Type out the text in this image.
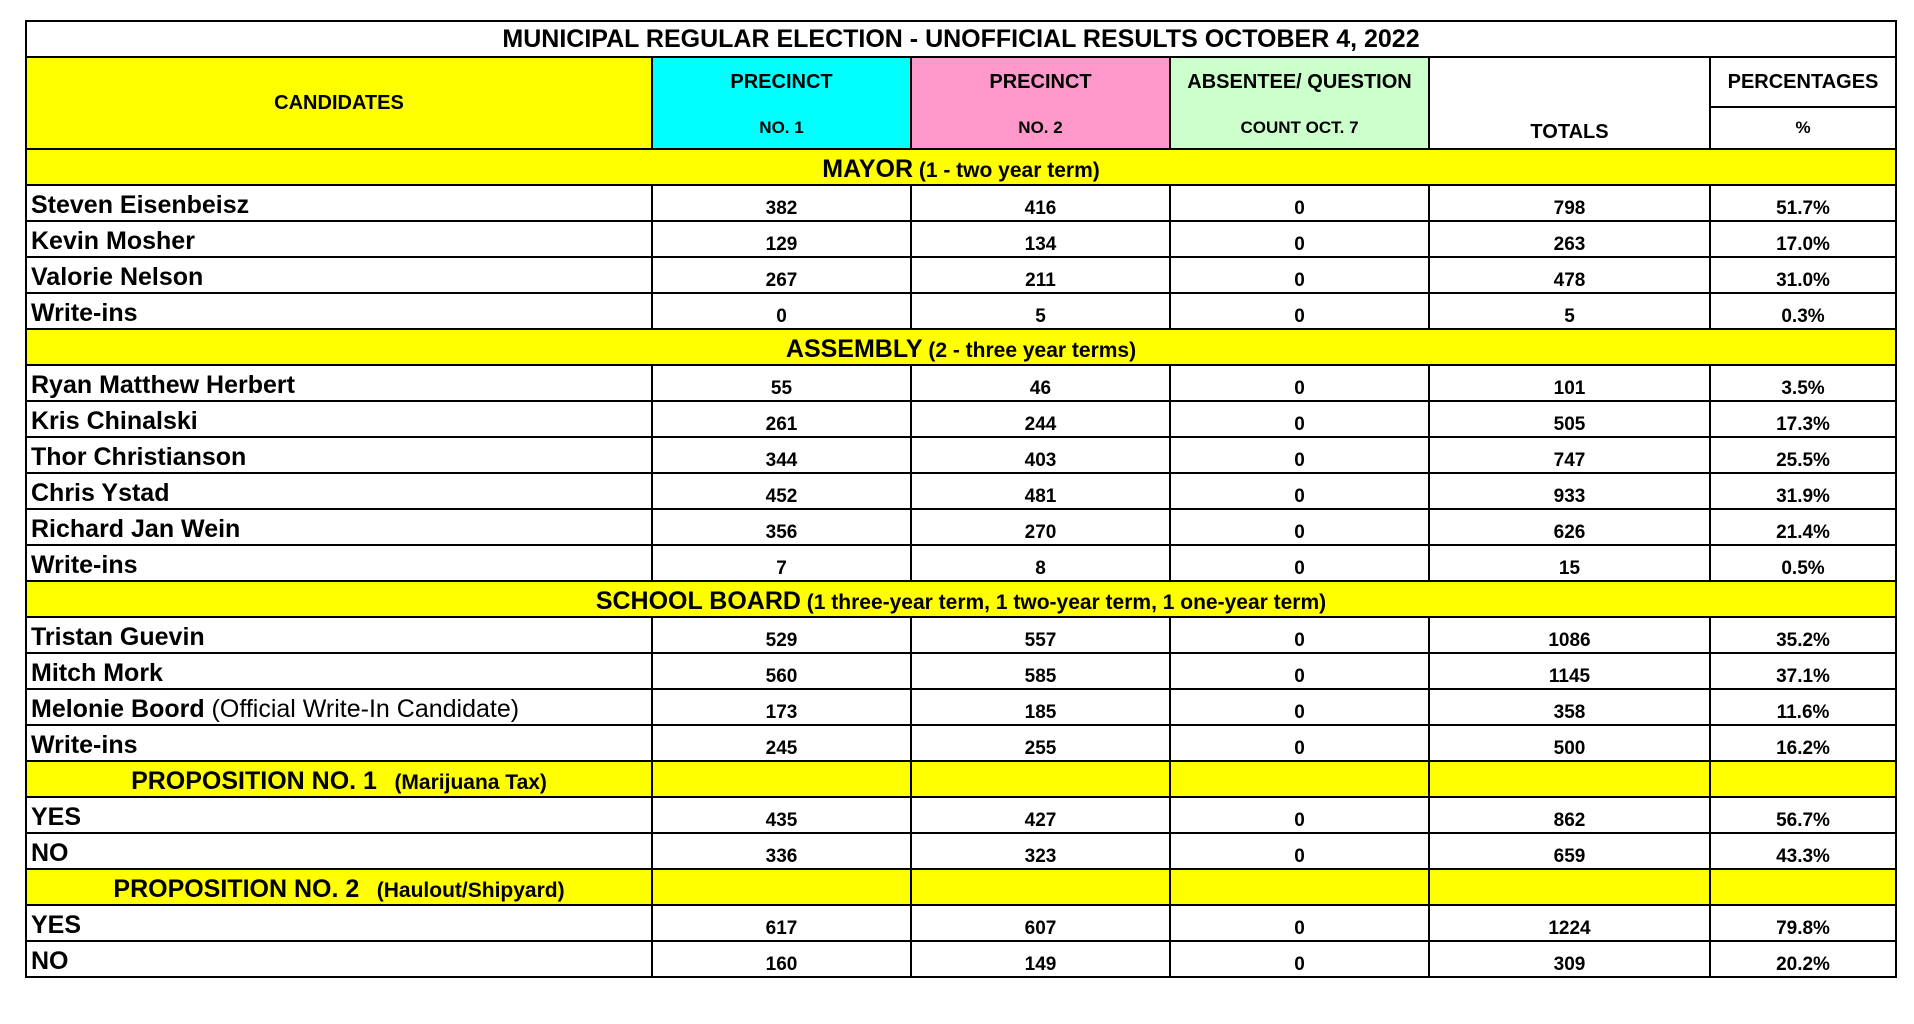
MUNICIPAL REGULAR ELECTION - UNOFFICIAL RESULTS OCTOBER 4, 2022					
CANDIDATES	PRECINCT	PRECINCT	ABSENTEE/ QUESTION	TOTALS	PERCENTAGES
	NO. 1	NO. 2	COUNT OCT. 7		%
MAYOR (1 - two year term)					
Steven Eisenbeisz	382	416	0	798	51.7%
Kevin Mosher	129	134	0	263	17.0%
Valorie Nelson	267	211	0	478	31.0%
Write-ins	0	5	0	5	0.3%
ASSEMBLY (2 - three year terms)					
Ryan Matthew Herbert	55	46	0	101	3.5%
Kris Chinalski	261	244	0	505	17.3%
Thor Christianson	344	403	0	747	25.5%
Chris Ystad	452	481	0	933	31.9%
Richard Jan Wein	356	270	0	626	21.4%
Write-ins	7	8	0	15	0.5%
SCHOOL BOARD (1 three-year term, 1 two-year term, 1 one-year term)					
Tristan Guevin	529	557	0	1086	35.2%
Mitch Mork	560	585	0	1145	37.1%
Melonie Boord (Official Write-In Candidate)	173	185	0	358	11.6%
Write-ins	245	255	0	500	16.2%
PROPOSITION NO. 1   (Marijuana Tax)					
YES	435	427	0	862	56.7%
NO	336	323	0	659	43.3%
PROPOSITION NO. 2   (Haulout/Shipyard)					
YES	617	607	0	1224	79.8%
NO	160	149	0	309	20.2%
